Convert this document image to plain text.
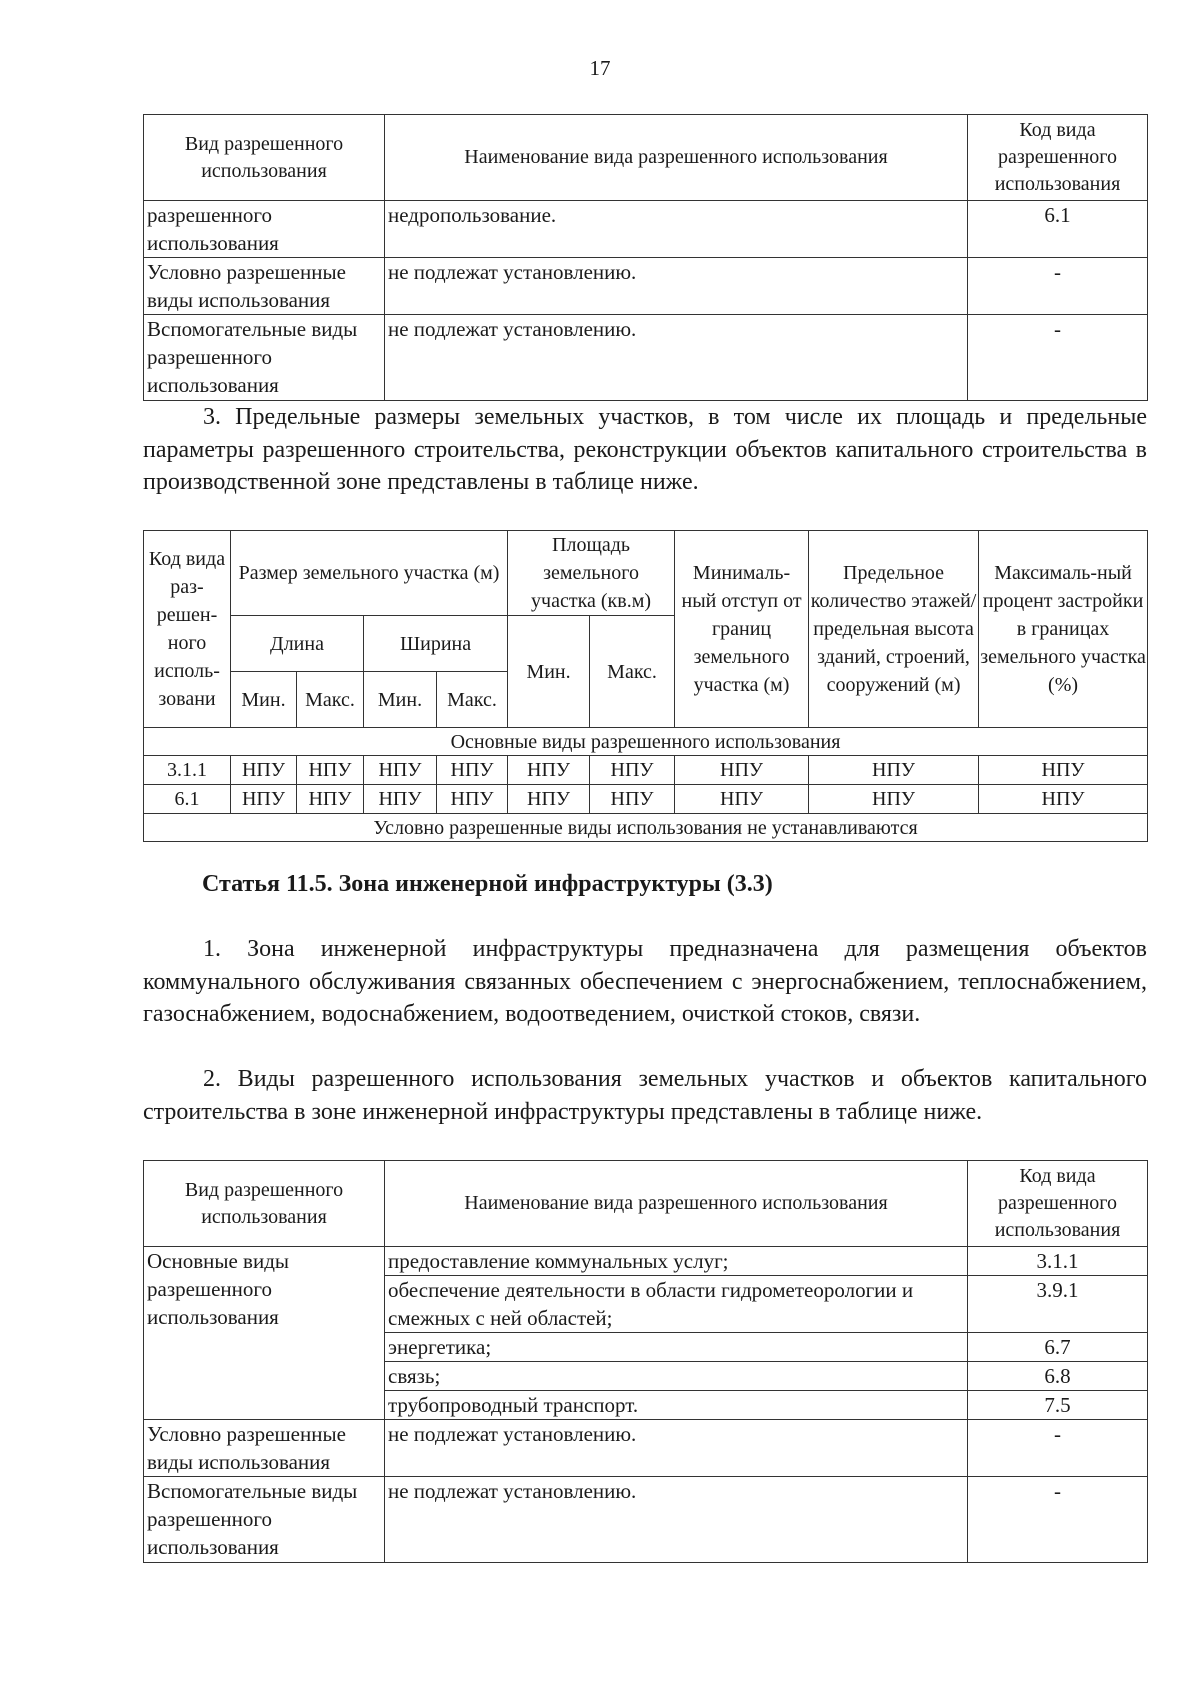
17
Вид разрешенного использования	Наименование вида разрешенного использования	Код вида разрешенного использования
разрешенного использования	недропользование.	6.1
Условно разрешенные виды использования	не подлежат установлению.	-
Вспомогательные виды разрешенного использования	не подлежат установлению.	-
3. Предельные размеры земельных участков, в том числе их площадь и предельные параметры разрешенного строительства, реконструкции объектов капитального строительства в производственной зоне представлены в таблице ниже.
Код вида раз-решен-ного исполь-зовани	Размер земельного участка (м)				Площадь земельного участка (кв.м)		Минималь-ный отступ от границ земельного участка (м)	Предельное количество этажей/ предельная высота зданий, строений, сооружений (м)	Максималь-ный процент застройки в границах земельного участка (%)
	Длина		Ширина		Мин.	Макс.			
	Мин.	Макс.	Мин.	Макс.					
Основные виды разрешенного использования									
3.1.1	НПУ	НПУ	НПУ	НПУ	НПУ	НПУ	НПУ	НПУ	НПУ
6.1	НПУ	НПУ	НПУ	НПУ	НПУ	НПУ	НПУ	НПУ	НПУ
Условно разрешенные виды использования не устанавливаются									
Статья 11.5. Зона инженерной инфраструктуры (3.3)
1. Зона инженерной инфраструктуры предназначена для размещения объектов коммунального обслуживания связанных обеспечением с энергоснабжением, теплоснабжением, газоснабжением, водоснабжением, водоотведением, очисткой стоков, связи.
2. Виды разрешенного использования земельных участков и объектов капитального строительства в зоне инженерной инфраструктуры представлены в таблице ниже.
Вид разрешенного использования	Наименование вида разрешенного использования	Код вида разрешенного использования
Основные виды разрешенного использования	предоставление коммунальных услуг;	3.1.1
	обеспечение деятельности в области гидрометеорологии и смежных с ней областей;	3.9.1
	энергетика;	6.7
	связь;	6.8
	трубопроводный транспорт.	7.5
Условно разрешенные виды использования	не подлежат установлению.	-
Вспомогательные виды разрешенного использования	не подлежат установлению.	-
